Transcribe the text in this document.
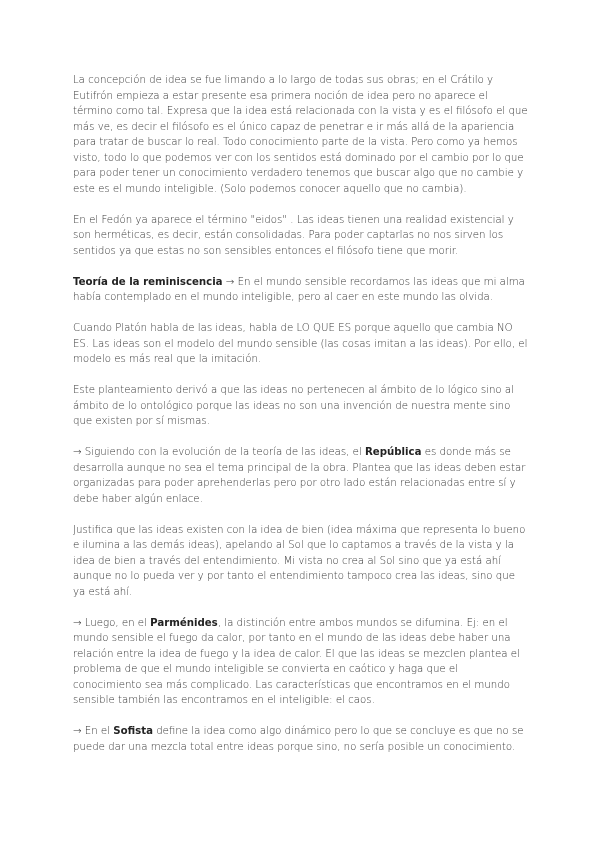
La concepción de idea se fue limando a lo largo de todas sus obras; en el Crátilo y Eutifrón empieza a estar presente esa primera noción de idea pero no aparece el término como tal. Expresa que la idea está relacionada con la vista y es el filósofo el que más ve, es decir el filósofo es el único capaz de penetrar e ir más allá de la apariencia para tratar de buscar lo real. Todo conocimiento parte de la vista. Pero como ya hemos visto, todo lo que podemos ver con los sentidos está dominado por el cambio por lo que para poder tener un conocimiento verdadero tenemos que buscar algo que no cambie y este es el mundo inteligible. (Solo podemos conocer aquello que no cambia).

En el Fedón ya aparece el término "eidos" . Las ideas tienen una realidad existencial y son herméticas, es decir, están consolidadas. Para poder captarlas no nos sirven los sentidos ya que estas no son sensibles entonces el filósofo tiene que morir.

Teoría de la reminiscencia → En el mundo sensible recordamos las ideas que mi alma había contemplado en el mundo inteligible, pero al caer en este mundo las olvida.

Cuando Platón habla de las ideas, habla de LO QUE ES porque aquello que cambia NO ES. Las ideas son el modelo del mundo sensible (las cosas imitan a las ideas). Por ello, el modelo es más real que la imitación.

Este planteamiento derivó a que las ideas no pertenecen al ámbito de lo lógico sino al ámbito de lo ontológico porque las ideas no son una invención de nuestra mente sino que existen por sí mismas.

→ Siguiendo con la evolución de la teoría de las ideas, el República es donde más se desarrolla aunque no sea el tema principal de la obra. Plantea que las ideas deben estar organizadas para poder aprehenderlas pero por otro lado están relacionadas entre sí y debe haber algún enlace.

Justifica que las ideas existen con la idea de bien (idea máxima que representa lo bueno e ilumina a las demás ideas), apelando al Sol que lo captamos a través de la vista y la idea de bien a través del entendimiento. Mi vista no crea al Sol sino que ya está ahí aunque no lo pueda ver y por tanto el entendimiento tampoco crea las ideas, sino que ya está ahí.

→ Luego, en el Parménides, la distinción entre ambos mundos se difumina. Ej: en el mundo sensible el fuego da calor, por tanto en el mundo de las ideas debe haber una relación entre la idea de fuego y la idea de calor. El que las ideas se mezclen plantea el problema de que el mundo inteligible se convierta en caótico y haga que el conocimiento sea más complicado. Las características que encontramos en el mundo sensible también las encontramos en el inteligible: el caos.

→ En el Sofista define la idea como algo dinámico pero lo que se concluye es que no se puede dar una mezcla total entre ideas porque sino, no sería posible un conocimiento.
